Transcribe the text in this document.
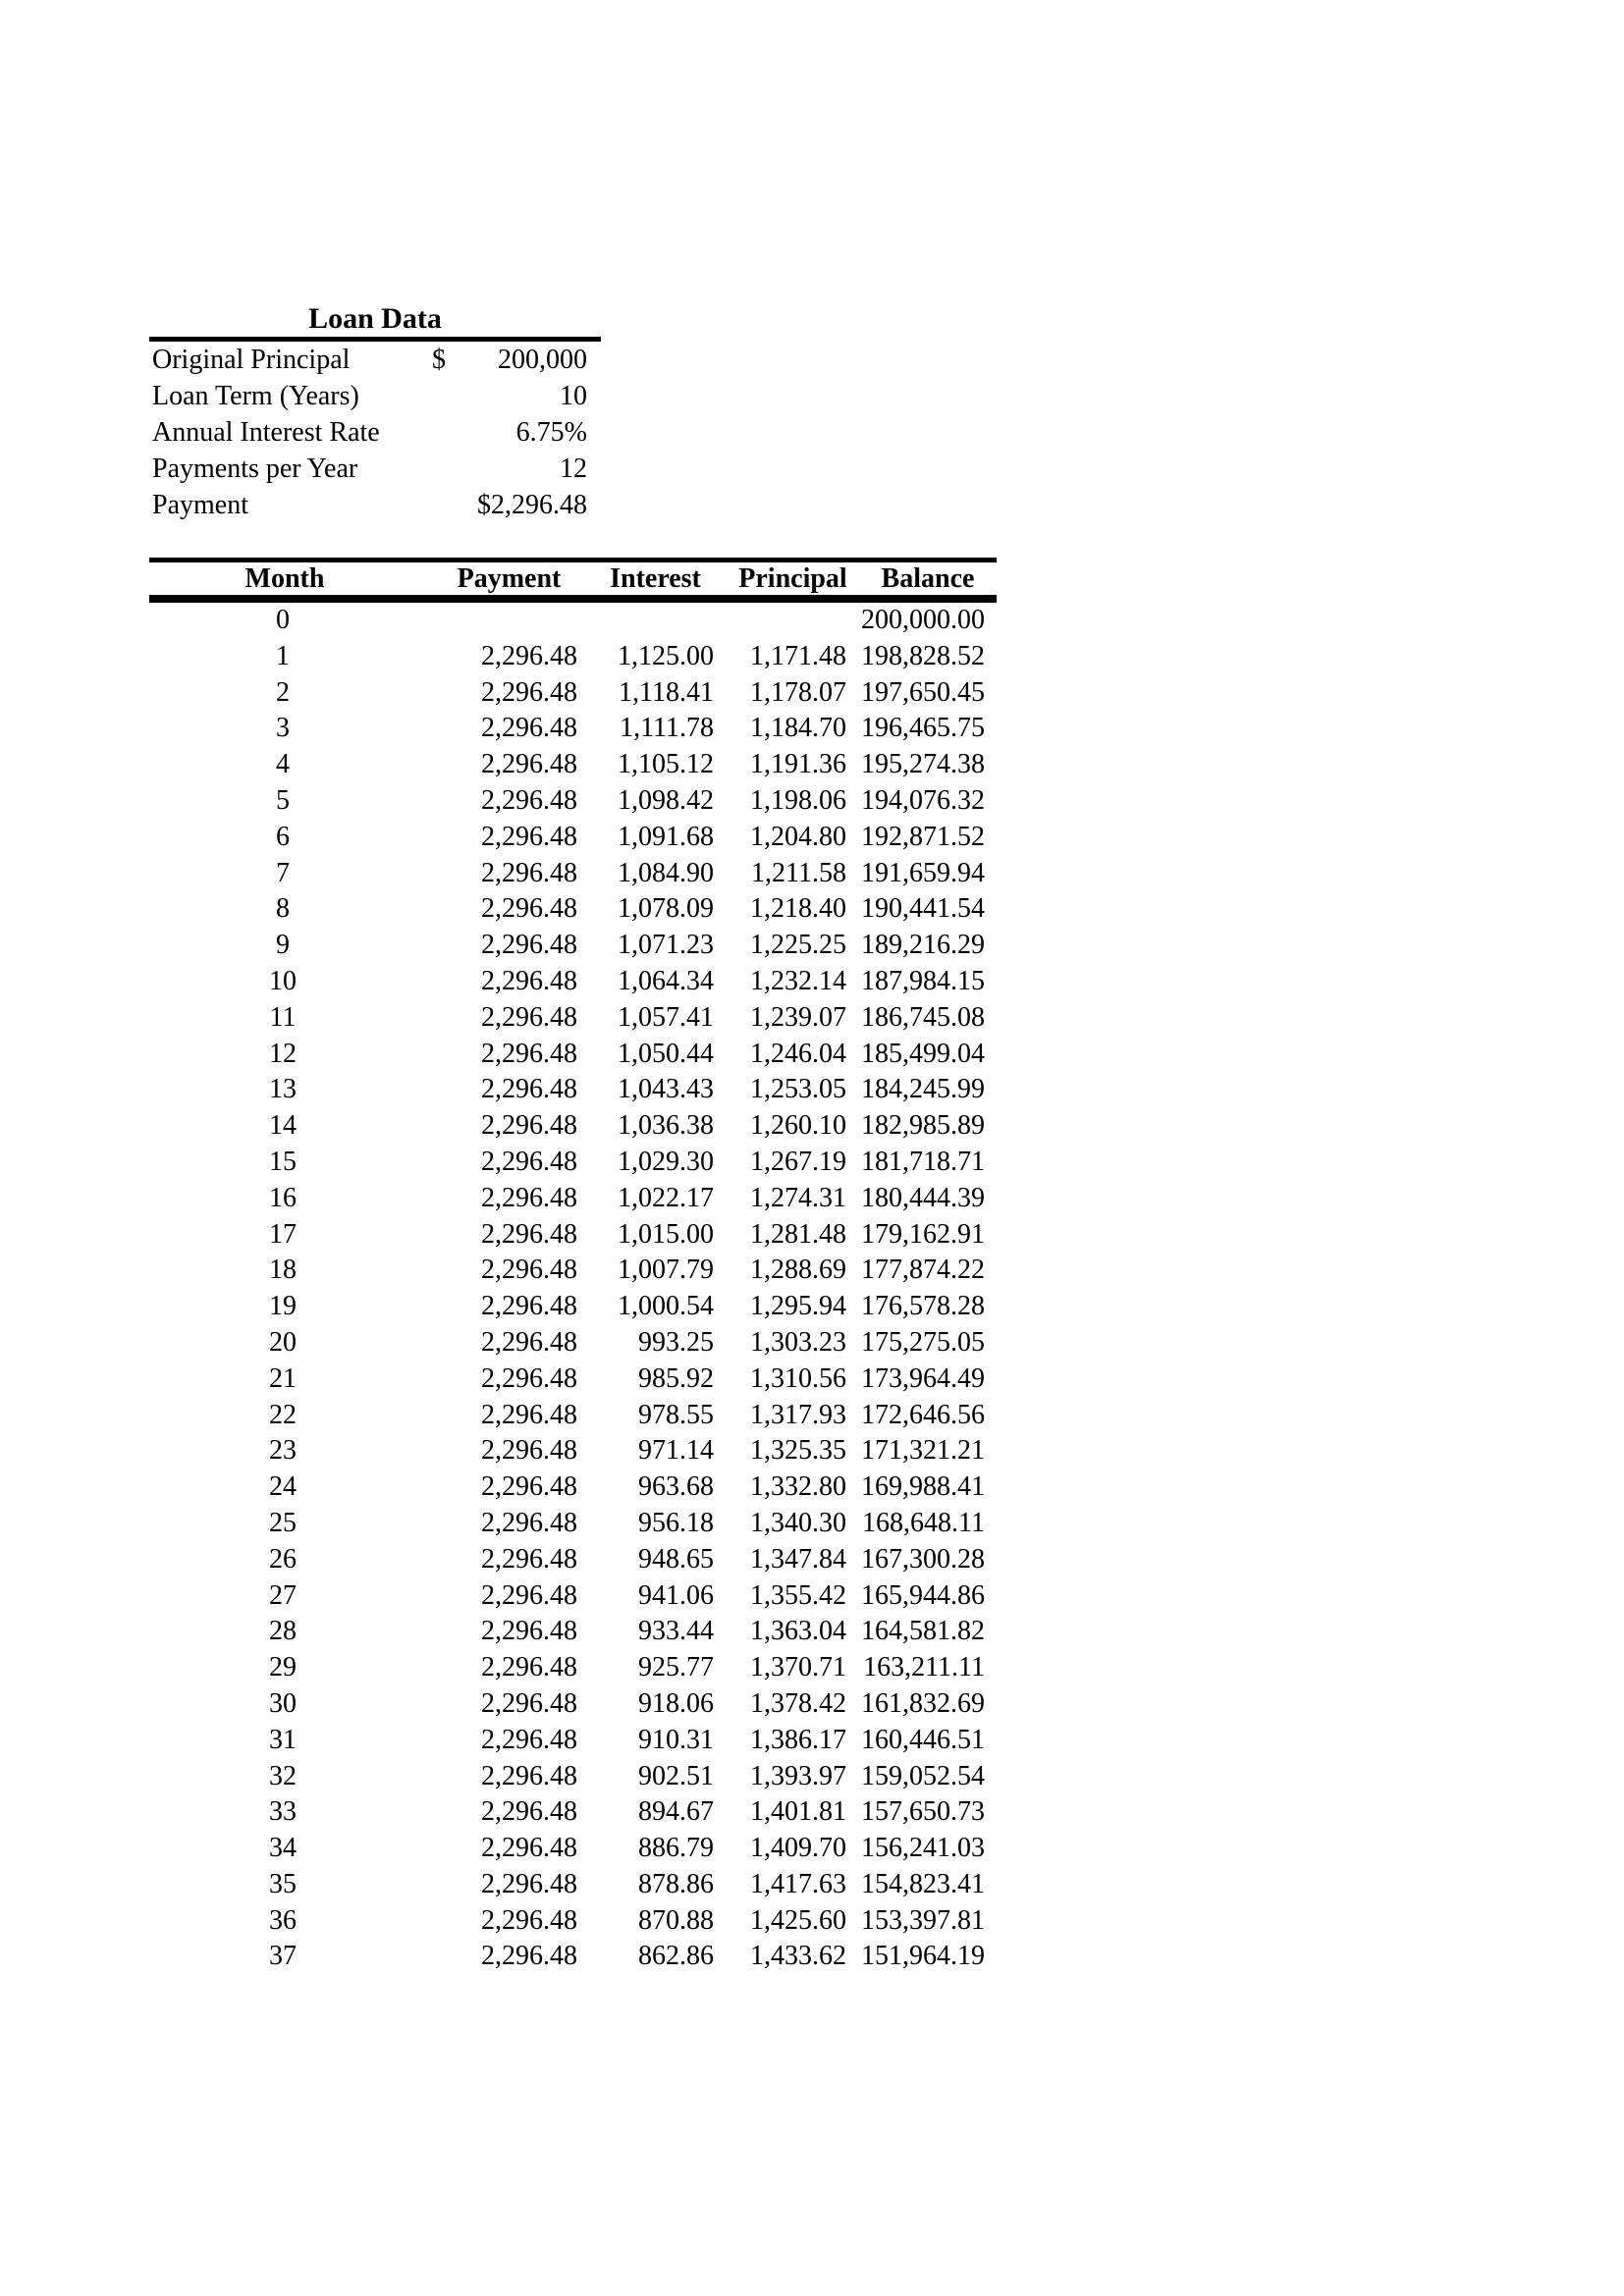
Loan Data
Original Principal	$ 200,000
Loan Term (Years)	10
Annual Interest Rate	6.75%
Payments per Year	12
Payment	$2,296.48
Month	Payment	Interest	Principal	Balance
0				200,000.00
1	2,296.48	1,125.00	1,171.48	198,828.52
2	2,296.48	1,118.41	1,178.07	197,650.45
3	2,296.48	1,111.78	1,184.70	196,465.75
4	2,296.48	1,105.12	1,191.36	195,274.38
5	2,296.48	1,098.42	1,198.06	194,076.32
6	2,296.48	1,091.68	1,204.80	192,871.52
7	2,296.48	1,084.90	1,211.58	191,659.94
8	2,296.48	1,078.09	1,218.40	190,441.54
9	2,296.48	1,071.23	1,225.25	189,216.29
10	2,296.48	1,064.34	1,232.14	187,984.15
11	2,296.48	1,057.41	1,239.07	186,745.08
12	2,296.48	1,050.44	1,246.04	185,499.04
13	2,296.48	1,043.43	1,253.05	184,245.99
14	2,296.48	1,036.38	1,260.10	182,985.89
15	2,296.48	1,029.30	1,267.19	181,718.71
16	2,296.48	1,022.17	1,274.31	180,444.39
17	2,296.48	1,015.00	1,281.48	179,162.91
18	2,296.48	1,007.79	1,288.69	177,874.22
19	2,296.48	1,000.54	1,295.94	176,578.28
20	2,296.48	993.25	1,303.23	175,275.05
21	2,296.48	985.92	1,310.56	173,964.49
22	2,296.48	978.55	1,317.93	172,646.56
23	2,296.48	971.14	1,325.35	171,321.21
24	2,296.48	963.68	1,332.80	169,988.41
25	2,296.48	956.18	1,340.30	168,648.11
26	2,296.48	948.65	1,347.84	167,300.28
27	2,296.48	941.06	1,355.42	165,944.86
28	2,296.48	933.44	1,363.04	164,581.82
29	2,296.48	925.77	1,370.71	163,211.11
30	2,296.48	918.06	1,378.42	161,832.69
31	2,296.48	910.31	1,386.17	160,446.51
32	2,296.48	902.51	1,393.97	159,052.54
33	2,296.48	894.67	1,401.81	157,650.73
34	2,296.48	886.79	1,409.70	156,241.03
35	2,296.48	878.86	1,417.63	154,823.41
36	2,296.48	870.88	1,425.60	153,397.81
37	2,296.48	862.86	1,433.62	151,964.19
